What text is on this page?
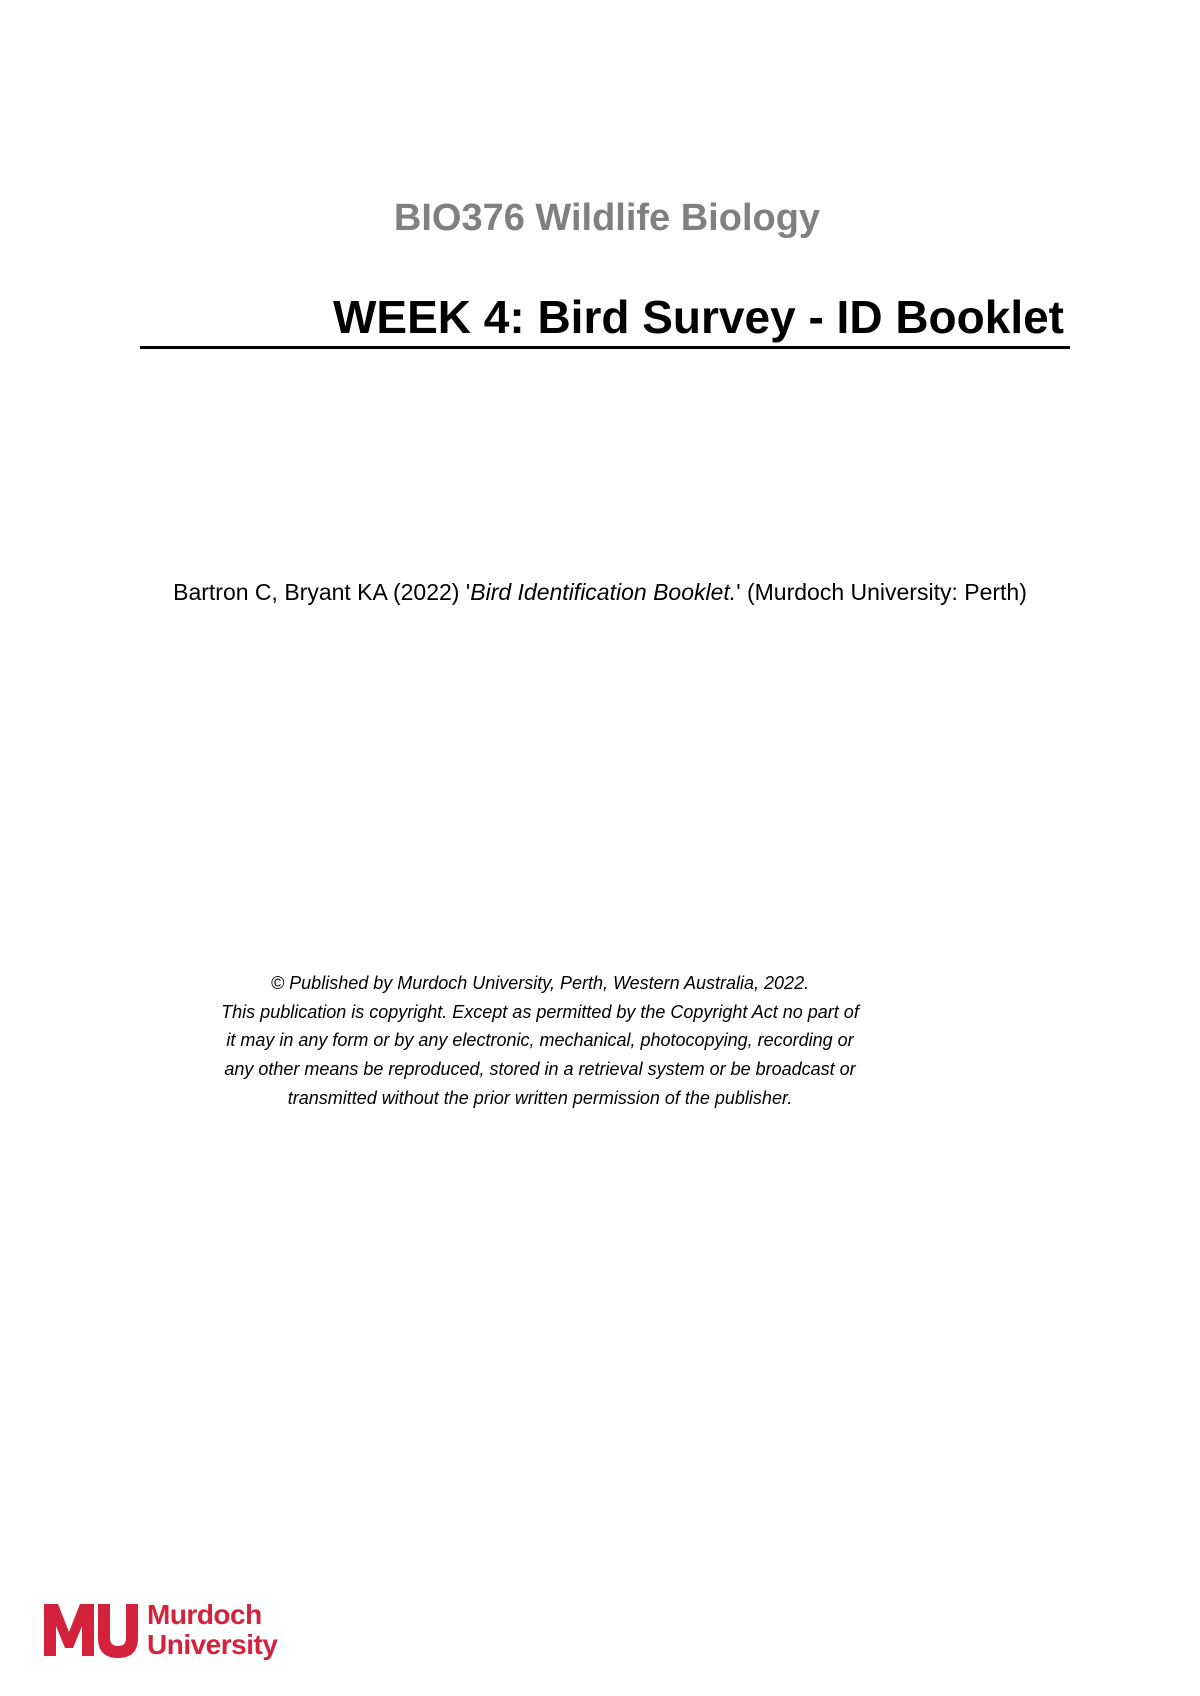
BIO376 Wildlife Biology
WEEK 4: Bird Survey - ID Booklet
Bartron C, Bryant KA (2022) 'Bird Identification Booklet.' (Murdoch University: Perth)

© Published by Murdoch University, Perth, Western Australia, 2022.

This publication is copyright. Except as permitted by the Copyright Act no part of

it may in any form or by any electronic, mechanical, photocopying, recording or

any other means be reproduced, stored in a retrieval system or be broadcast or

transmitted without the prior written permission of the publisher.

Murdoch
University
